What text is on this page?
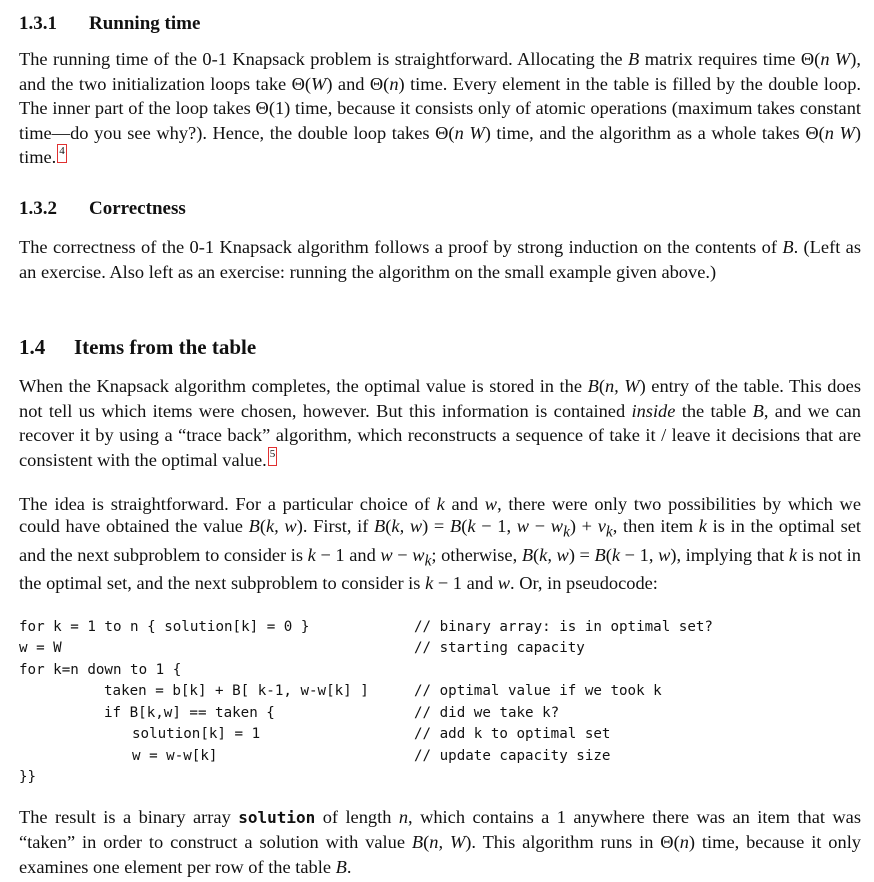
1.3.1 Running time

The running time of the 0-1 Knapsack problem is straightforward. Allocating the B matrix requires time Θ(n W), and the two initialization loops take Θ(W) and Θ(n) time. Every element in the table is filled by the double loop. The inner part of the loop takes Θ(1) time, because it consists only of atomic operations (maximum takes constant time—do you see why?). Hence, the double loop takes Θ(n W) time, and the algorithm as a whole takes Θ(n W) time. 4

1.3.2 Correctness

The correctness of the 0-1 Knapsack algorithm follows a proof by strong induction on the contents of B. (Left as an exercise. Also left as an exercise: running the algorithm on the small example given above.)

1.4 Items from the table

When the Knapsack algorithm completes, the optimal value is stored in the B(n, W) entry of the table. This does not tell us which items were chosen, however. But this information is contained inside the table B, and we can recover it by using a “trace back” algorithm, which reconstructs a sequence of take it / leave it decisions that are consistent with the optimal value. 5

The idea is straightforward. For a particular choice of k and w, there were only two possibilities by which we could have obtained the value B(k, w). First, if B(k, w) = B(k − 1, $w - w_k) + v_k$, then item k is in the optimal set and the next subproblem to consider is k − 1 and $w - w_k$; otherwise, B(k, w) = B(k − 1, w), implying that k is not in the optimal set, and the next subproblem to consider is k − 1 and w. Or, in pseudocode:

for k = 1 to n { solution[k] = 0 }	// binary array: is in optimal set?
w = W	// starting capacity
for k=n down to 1 {
taken = b[k] + B[ k-1, w-w[k] ]	// optimal value if we took k
if B[k,w] == taken {	// did we take k?
solution[k] = 1	// add k to optimal set
w = w-w[k]	// update capacity size
}}

The result is a binary array solution of length n, which contains a 1 anywhere there was an item that was “taken” in order to construct a solution with value B(n, W). This algorithm runs in Θ(n) time, because it only examines one element per row of the table B.
